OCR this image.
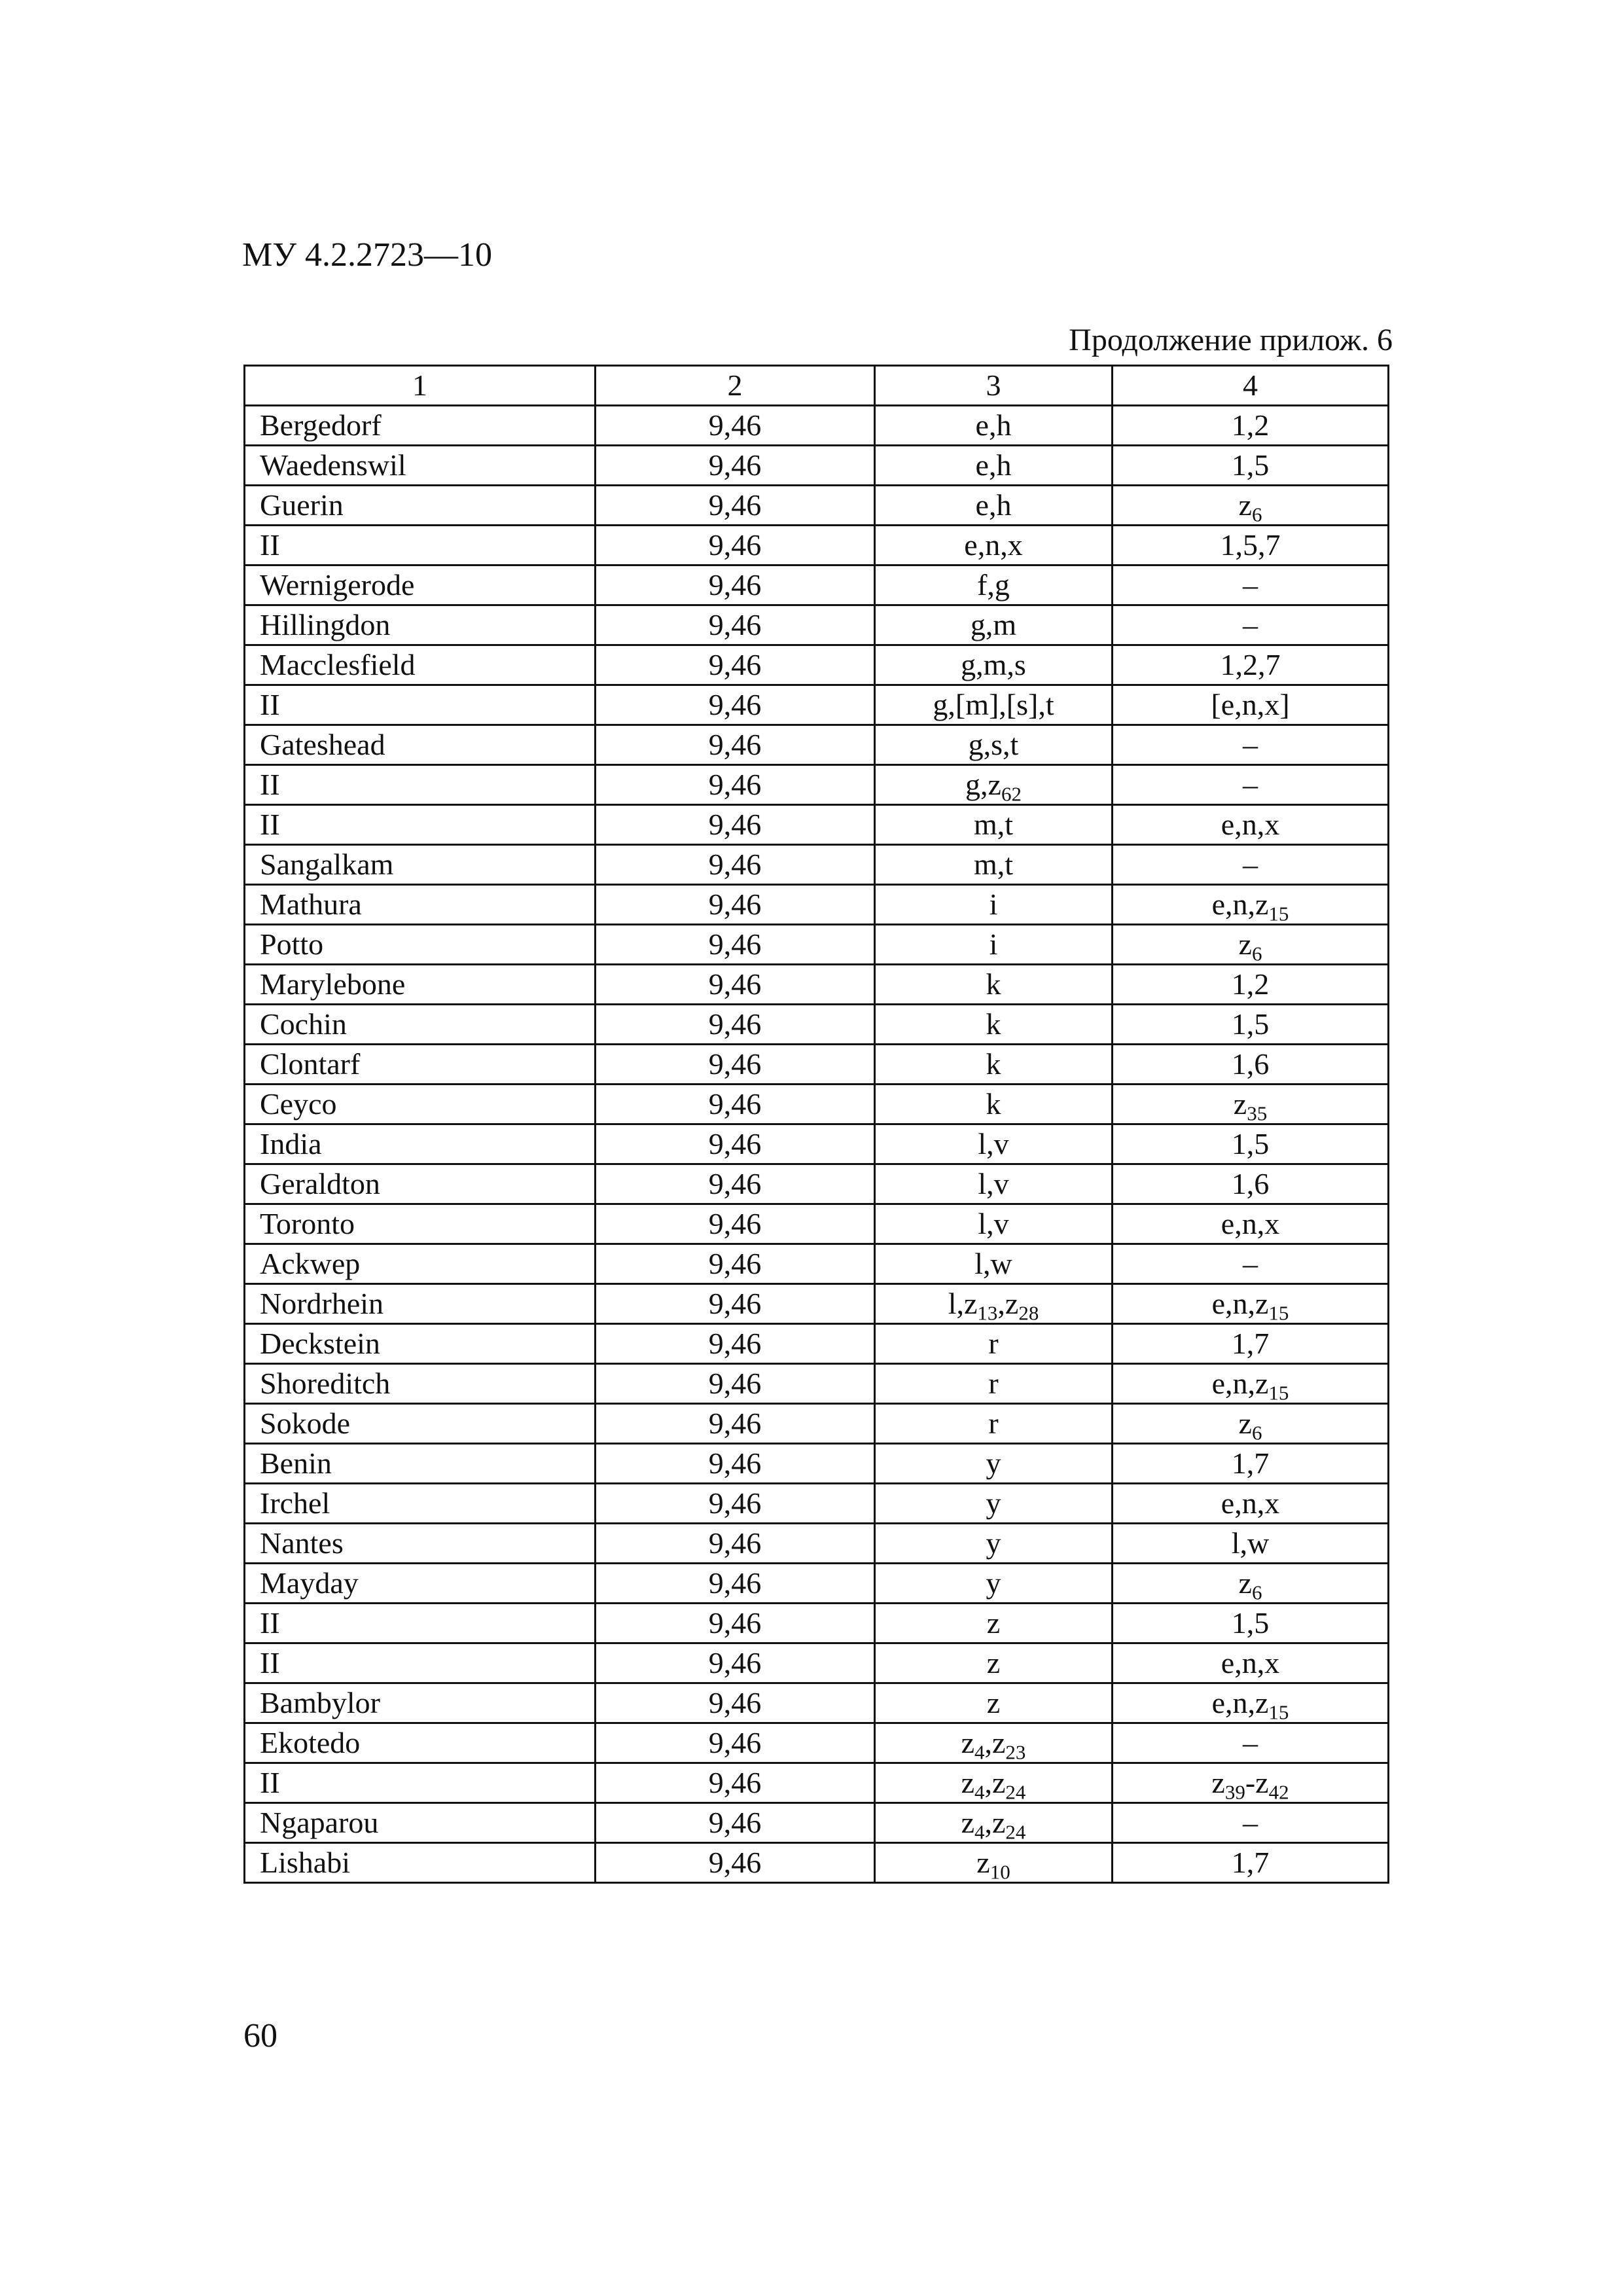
МУ 4.2.2723—10
Продолжение прилож. 6
1	2	3	4
Bergedorf	9,46	e,h	1,2
Waedenswil	9,46	e,h	1,5
Guerin	9,46	e,h	$z_6$
II	9,46	e,n,x	1,5,7
Wernigerode	9,46	f,g	–
Hillingdon	9,46	g,m	–
Macclesfield	9,46	g,m,s	1,2,7
II	9,46	g,[m],[s],t	[e,n,x]
Gateshead	9,46	g,s,t	–
II	9,46	$g,z_{62}$	–
II	9,46	m,t	e,n,x
Sangalkam	9,46	m,t	–
Mathura	9,46	i	$e,n,z_{15}$
Potto	9,46	i	$z_6$
Marylebone	9,46	k	1,2
Cochin	9,46	k	1,5
Clontarf	9,46	k	1,6
Ceyco	9,46	k	$z_{35}$
India	9,46	l,v	1,5
Geraldton	9,46	l,v	1,6
Toronto	9,46	l,v	e,n,x
Ackwep	9,46	l,w	–
Nordrhein	9,46	$l,z_{13},z_{28}$	$e,n,z_{15}$
Deckstein	9,46	r	1,7
Shoreditch	9,46	r	$e,n,z_{15}$
Sokode	9,46	r	$z_6$
Benin	9,46	y	1,7
Irchel	9,46	y	e,n,x
Nantes	9,46	y	l,w
Mayday	9,46	y	$z_6$
II	9,46	z	1,5
II	9,46	z	e,n,x
Bambylor	9,46	z	$e,n,z_{15}$
Ekotedo	9,46	$z_4,z_{23}$	–
II	9,46	$z_4,z_{24}$	$z_{39}-z_{42}$
Ngaparou	9,46	$z_4,z_{24}$	–
Lishabi	9,46	$z_{10}$	1,7
60
